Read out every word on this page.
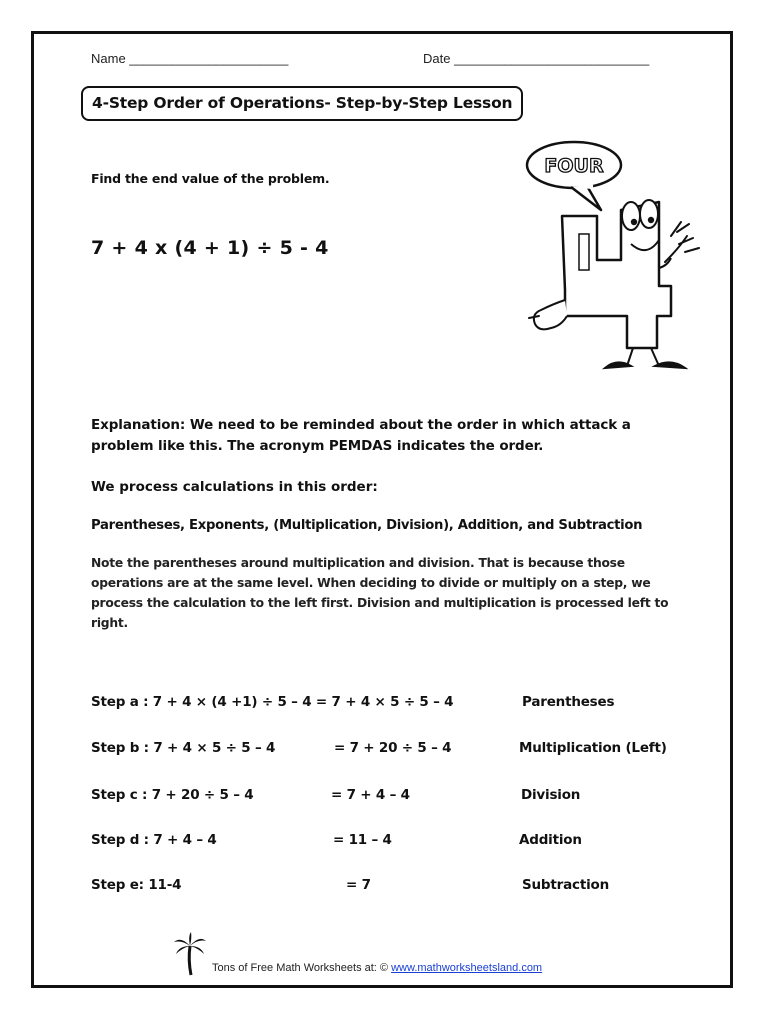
Name ______________________	Date ___________________________
4-Step Order of Operations- Step-by-Step Lesson
Find the end value of the problem.
7 + 4 x (4 + 1) ÷ 5 - 4
FOUR
Explanation: We need to be reminded about the order in which attack a
problem like this. The acronym PEMDAS indicates the order.
We process calculations in this order:
Parentheses, Exponents, (Multiplication, Division), Addition, and Subtraction
Note the parentheses around multiplication and division. That is because those
operations are at the same level. When deciding to divide or multiply on a step, we
process the calculation to the left first. Division and multiplication is processed left to
right.
Step a : 7 + 4 × (4 +1) ÷ 5 – 4 = 7 + 4 × 5 ÷ 5 – 4	Parentheses
Step b : 7 + 4 × 5 ÷ 5 – 4	= 7 + 20 ÷ 5 – 4	Multiplication (Left)
Step c : 7 + 20 ÷ 5 – 4	= 7 + 4 – 4	Division
Step d : 7 + 4 – 4	= 11 – 4	Addition
Step e: 11-4	= 7	Subtraction
Tons of Free Math Worksheets at: © www.mathworksheetsland.com
